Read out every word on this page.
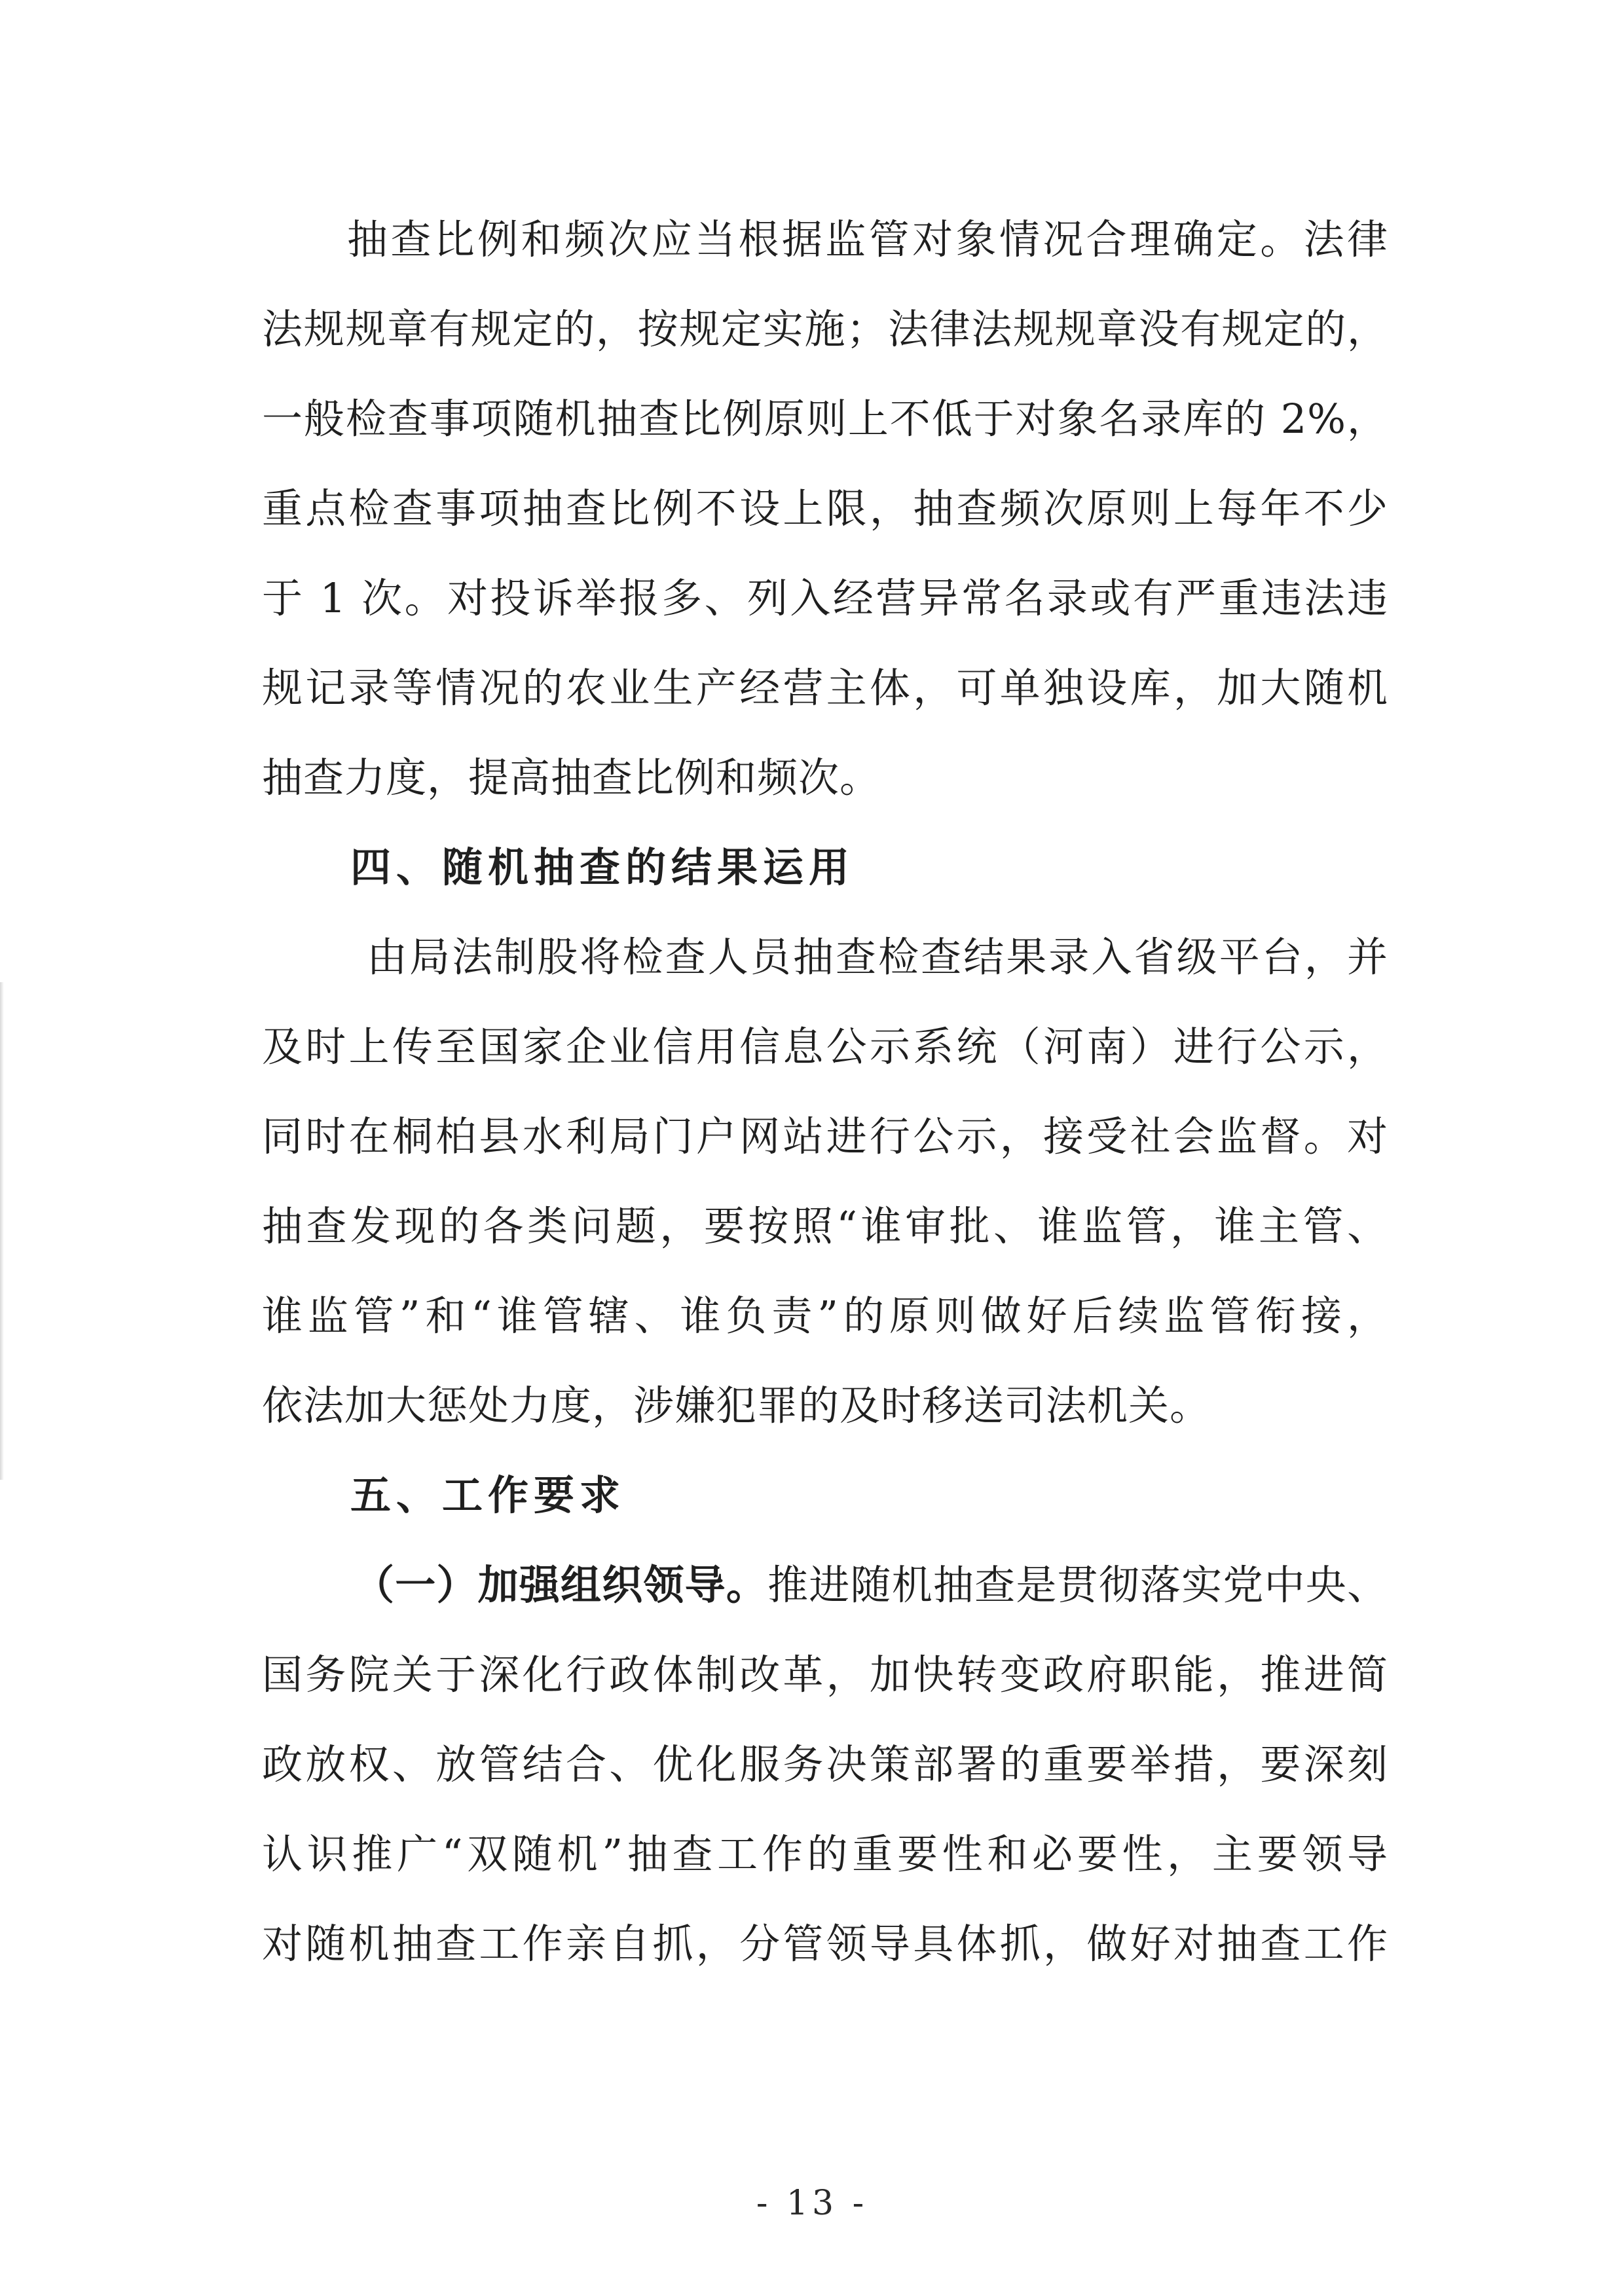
抽查比例和频次应当根据监管对象情况合理确定。法律
法规规章有规定的，按规定实施；法律法规规章没有规定的，
一般检查事项随机抽查比例原则上不低于对象名录库的 2%，
重点检查事项抽查比例不设上限，抽查频次原则上每年不少
于 1 次。对投诉举报多、列入经营异常名录或有严重违法违
规记录等情况的农业生产经营主体，可单独设库，加大随机
抽查力度，提高抽查比例和频次。
四、随机抽查的结果运用
由局法制股将检查人员抽查检查结果录入省级平台，并
及时上传至国家企业信用信息公示系统（河南）进行公示，
同时在桐柏县水利局门户网站进行公示，接受社会监督。对
抽查发现的各类问题，要按照“谁审批、谁监管，谁主管、
谁监管”和“谁管辖、谁负责”的原则做好后续监管衔接，
依法加大惩处力度，涉嫌犯罪的及时移送司法机关。
五、工作要求
（一）加强组织领导。推进随机抽查是贯彻落实党中央、
国务院关于深化行政体制改革，加快转变政府职能，推进简
政放权、放管结合、优化服务决策部署的重要举措，要深刻
认识推广“双随机”抽查工作的重要性和必要性，主要领导
对随机抽查工作亲自抓，分管领导具体抓，做好对抽查工作
- 13 -
